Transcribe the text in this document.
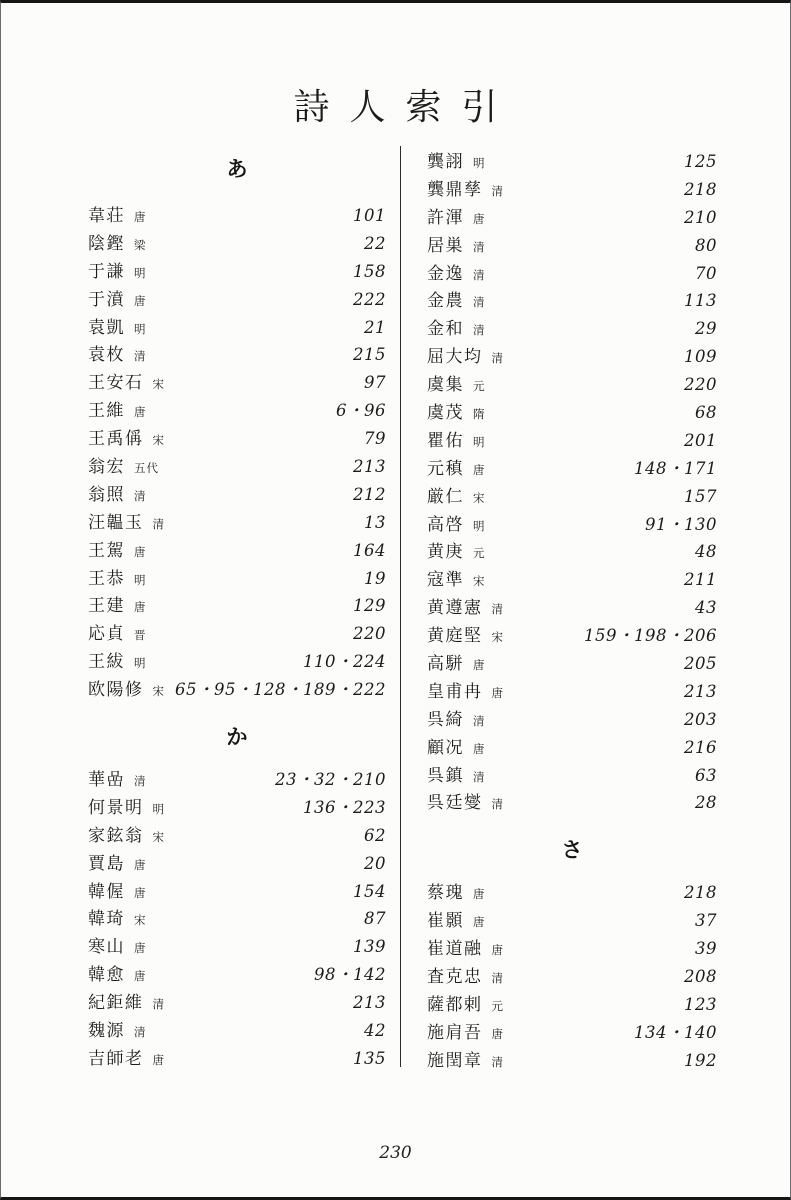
詩人索引
あ
韋荘 唐	101
陰鏗 梁	22
于謙 明	158
于濆 唐	222
袁凱 明	21
袁枚 清	215
王安石 宋	97
王維 唐	6・96
王禹偁 宋	79
翁宏 五代	213
翁照 清	212
汪韞玉 清	13
王駕 唐	164
王恭 明	19
王建 唐	129
応貞 晋	220
王紱 明	110・224
欧陽修 宋 65・95・128・189・222
か
華嵒 清	23・32・210
何景明 明	136・223
家鉉翁 宋	62
賈島 唐	20
韓偓 唐	154
韓琦 宋	87
寒山 唐	139
韓愈 唐	98・142
紀鉅維 清	213
魏源 清	42
吉師老 唐	135
龔詡 明	125
龔鼎孳 清	218
許渾 唐	210
居巣 清	80
金逸 清	70
金農 清	113
金和 清	29
屈大均 清	109
虞集 元	220
虞茂 隋	68
瞿佑 明	201
元稹 唐	148・171
厳仁 宋	157
高啓 明	91・130
黄庚 元	48
寇準 宋	211
黄遵憲 清	43
黄庭堅 宋	159・198・206
高駢 唐	205
皇甫冉 唐	213
呉綺 清	203
顧况 唐	216
呉鎮 清	63
呉廷燮 清	28
さ
蔡瑰 唐	218
崔顥 唐	37
崔道融 唐	39
査克忠 清	208
薩都剌 元	123
施肩吾 唐	134・140
施閏章 清	192
230
